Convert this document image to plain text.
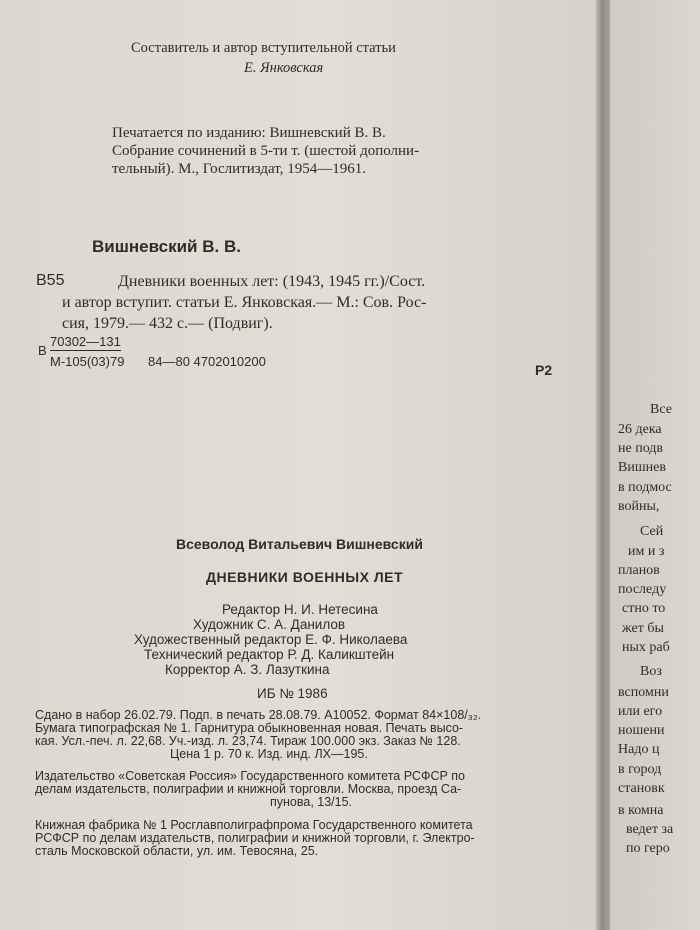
Составитель и автор вступительной статьи
Е. Янковская
Печатается по изданию: Вишневский В. В.
Собрание сочинений в 5-ти т. (шестой дополни-
тельный). М., Гослитиздат, 1954—1961.
Вишневский В. В.
В55	Дневники военных лет: (1943, 1945 гг.)/Сост.
и автор вступит. статьи Е. Янковская.— М.: Сов. Рос-
сия, 1979.— 432 с.— (Подвиг).
В
70302—131
М-105(03)79 84—80 4702010200
Р2
Всеволод Витальевич Вишневский
ДНЕВНИКИ ВОЕННЫХ ЛЕТ
Редактор Н. И. Нетесина
Художник С. А. Данилов
Художественный редактор Е. Ф. Николаева
Технический редактор Р. Д. Каликштейн
Корректор А. З. Лазуткина
ИБ № 1986
Сдано в набор 26.02.79. Подп. в печать 28.08.79. А10052. Формат 84×108/₃₂.
Бумага типографская № 1. Гарнитура обыкновенная новая. Печать высо-
кая. Усл.-печ. л. 22,68. Уч.-изд. л. 23,74. Тираж 100.000 экз. Заказ № 128.
Цена 1 р. 70 к. Изд. инд. ЛХ—195.
Издательство «Советская Россия» Государственного комитета РСФСР по
делам издательств, полиграфии и книжной торговли. Москва, проезд Са-
пунова, 13/15.
Книжная фабрика № 1 Росглавполиграфпрома Государственного комитета
РСФСР по делам издательств, полиграфии и книжной торговли, г. Электро-
сталь Московской области, ул. им. Тевосяна, 25.
Все
26 дека
не подв
Вишнев
в подмос
войны,
Сей
им и з
планов
последу
стно то
жет бы
ных раб
Воз
вспомни
или его
ношени
Надо ц
в город
становк
в комна
ведет за
по геро
